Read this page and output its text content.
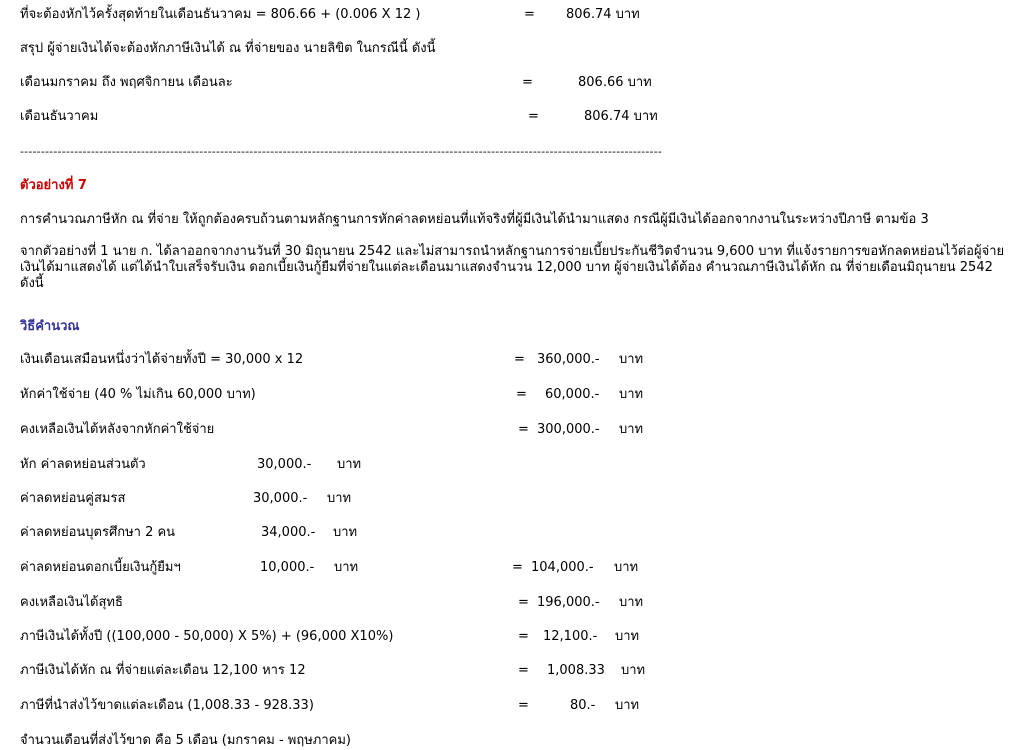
ที่จะต้องหักไว้ครั้งสุดท้ายในเดือนธันวาคม = 806.66 + (0.006 X 12 )	= 806.74 บาท
สรุป ผู้จ่ายเงินได้จะต้องหักภาษีเงินได้ ณ ที่จ่ายของ นายลิขิต ในกรณีนี้ ดังนี้
เดือนมกราคม ถึง พฤศจิกายน เดือนละ	=	806.66 บาท
เดือนธันวาคม	=	806.74 บาท
----------------------------------------------------------------------------------------------------------------------------------------------------------
ตัวอย่างที่ 7
การคำนวณภาษีหัก ณ ที่จ่าย ให้ถูกต้องครบถ้วนตามหลักฐานการหักค่าลดหย่อนที่แท้จริงที่ผู้มีเงินได้นำมาแสดง กรณีผู้มีเงินได้ออกจากงานในระหว่างปีภาษี ตามข้อ 3
จากตัวอย่างที่ 1 นาย ก. ได้ลาออกจากงานวันที่ 30 มิถุนายน 2542 และไม่สามารถนำหลักฐานการจ่ายเบี้ยประกันชีวิตจำนวน 9,600 บาท ที่แจ้งรายการขอหักลดหย่อนไว้ต่อผู้จ่ายเงินได้มาแสดงได้ แต่ได้นำใบเสร็จรับเงิน ดอกเบี้ยเงินกู้ยืมที่จ่ายในแต่ละเดือนมาแสดงจำนวน 12,000 บาท ผู้จ่ายเงินได้ต้อง คำนวณภาษีเงินได้หัก ณ ที่จ่ายเดือนมิถุนายน 2542 ดังนี้
วิธีคำนวณ
เงินเดือนเสมือนหนึ่งว่าได้จ่ายทั้งปี = 30,000 x 12	= 360,000.- บาท
หักค่าใช้จ่าย (40 % ไม่เกิน 60,000 บาท)	= 60,000.- บาท
คงเหลือเงินได้หลังจากหักค่าใช้จ่าย	= 300,000.- บาท
หัก ค่าลดหย่อนส่วนตัว	30,000.- บาท
ค่าลดหย่อนคู่สมรส	30,000.- บาท
ค่าลดหย่อนบุตรศึกษา 2 คน	34,000.- บาท
ค่าลดหย่อนดอกเบี้ยเงินกู้ยืมฯ	10,000.- บาท	= 104,000.- บาท
คงเหลือเงินได้สุทธิ	= 196,000.- บาท
ภาษีเงินได้ทั้งปี ((100,000 - 50,000) X 5%) + (96,000 X10%)	= 12,100.- บาท
ภาษีเงินได้หัก ณ ที่จ่ายแต่ละเดือน 12,100 หาร 12	= 1,008.33 บาท
ภาษีที่นำส่งไว้ขาดแต่ละเดือน (1,008.33 - 928.33)	=	80.- บาท
จำนวนเดือนที่ส่งไว้ขาด คือ 5 เดือน (มกราคม - พฤษภาคม)
